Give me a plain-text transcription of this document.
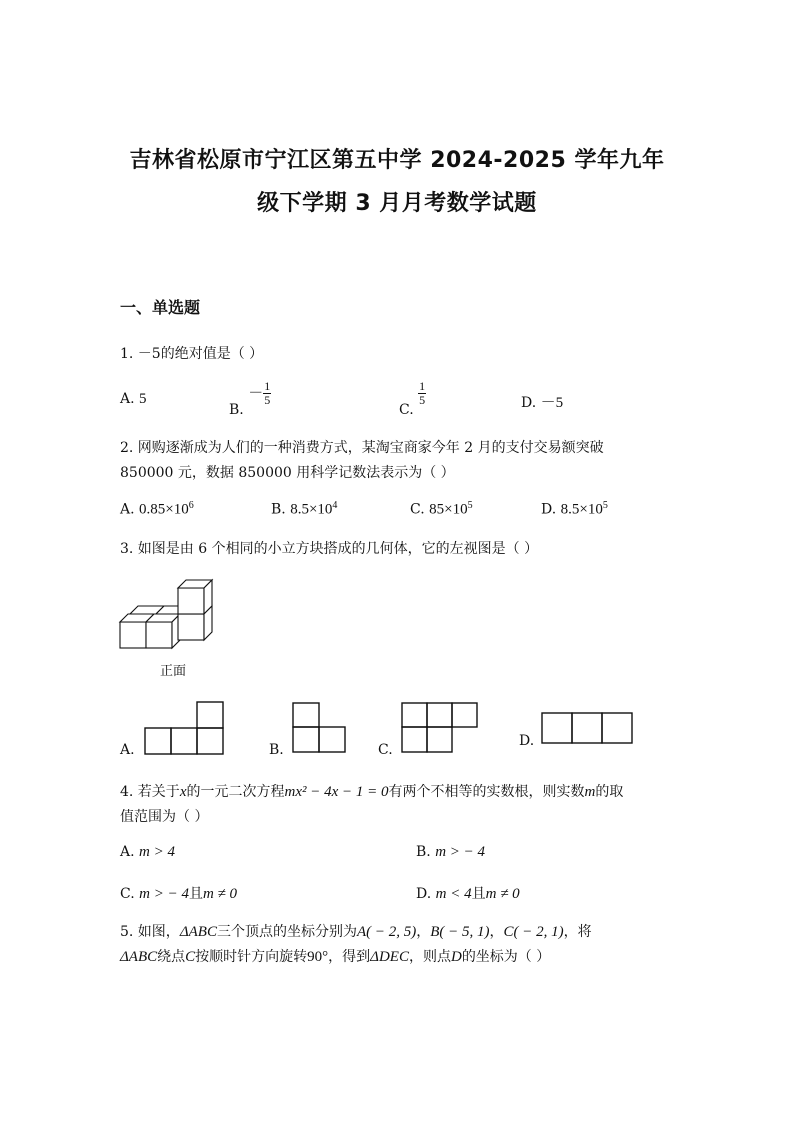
吉林省松原市宁江区第五中学 2024-2025 学年九年
级下学期 3 月月考数学试题
一、单选题
1. －5的绝对值是（ ）
A. 5
B. － $\frac{1}{5}$
C.
$\frac{1}{5}$	D. －5
2. 网购逐渐成为人们的一种消费方式，某淘宝商家今年 2 月的支付交易额突破
850000 元，数据 850000 用科学记数法表示为（ ）
A. $0.85\times 10^6$	B. $8.5\times 10^4$	C. $85\times 10^5$	D. $8.5\times 10^5$
3. 如图是由 6 个相同的小立方块搭成的几何体，它的左视图是（ ）
正面
A.	B.	C.
D.
4. 若关于x的一元二次方程mx² − 4x − 1 = 0有两个不相等的实数根，则实数m的取
值范围为（ ）
A. m > 4	B. m > − 4
C. m > − 4且m ≠ 0	D. m < 4且m ≠ 0
5. 如图，ΔABC三个顶点的坐标分别为A( − 2, 5)，B( − 5, 1)，C( − 2, 1)，将
ΔABC绕点C按顺时针方向旋转90°，得到ΔDEC，则点D的坐标为（ ）
